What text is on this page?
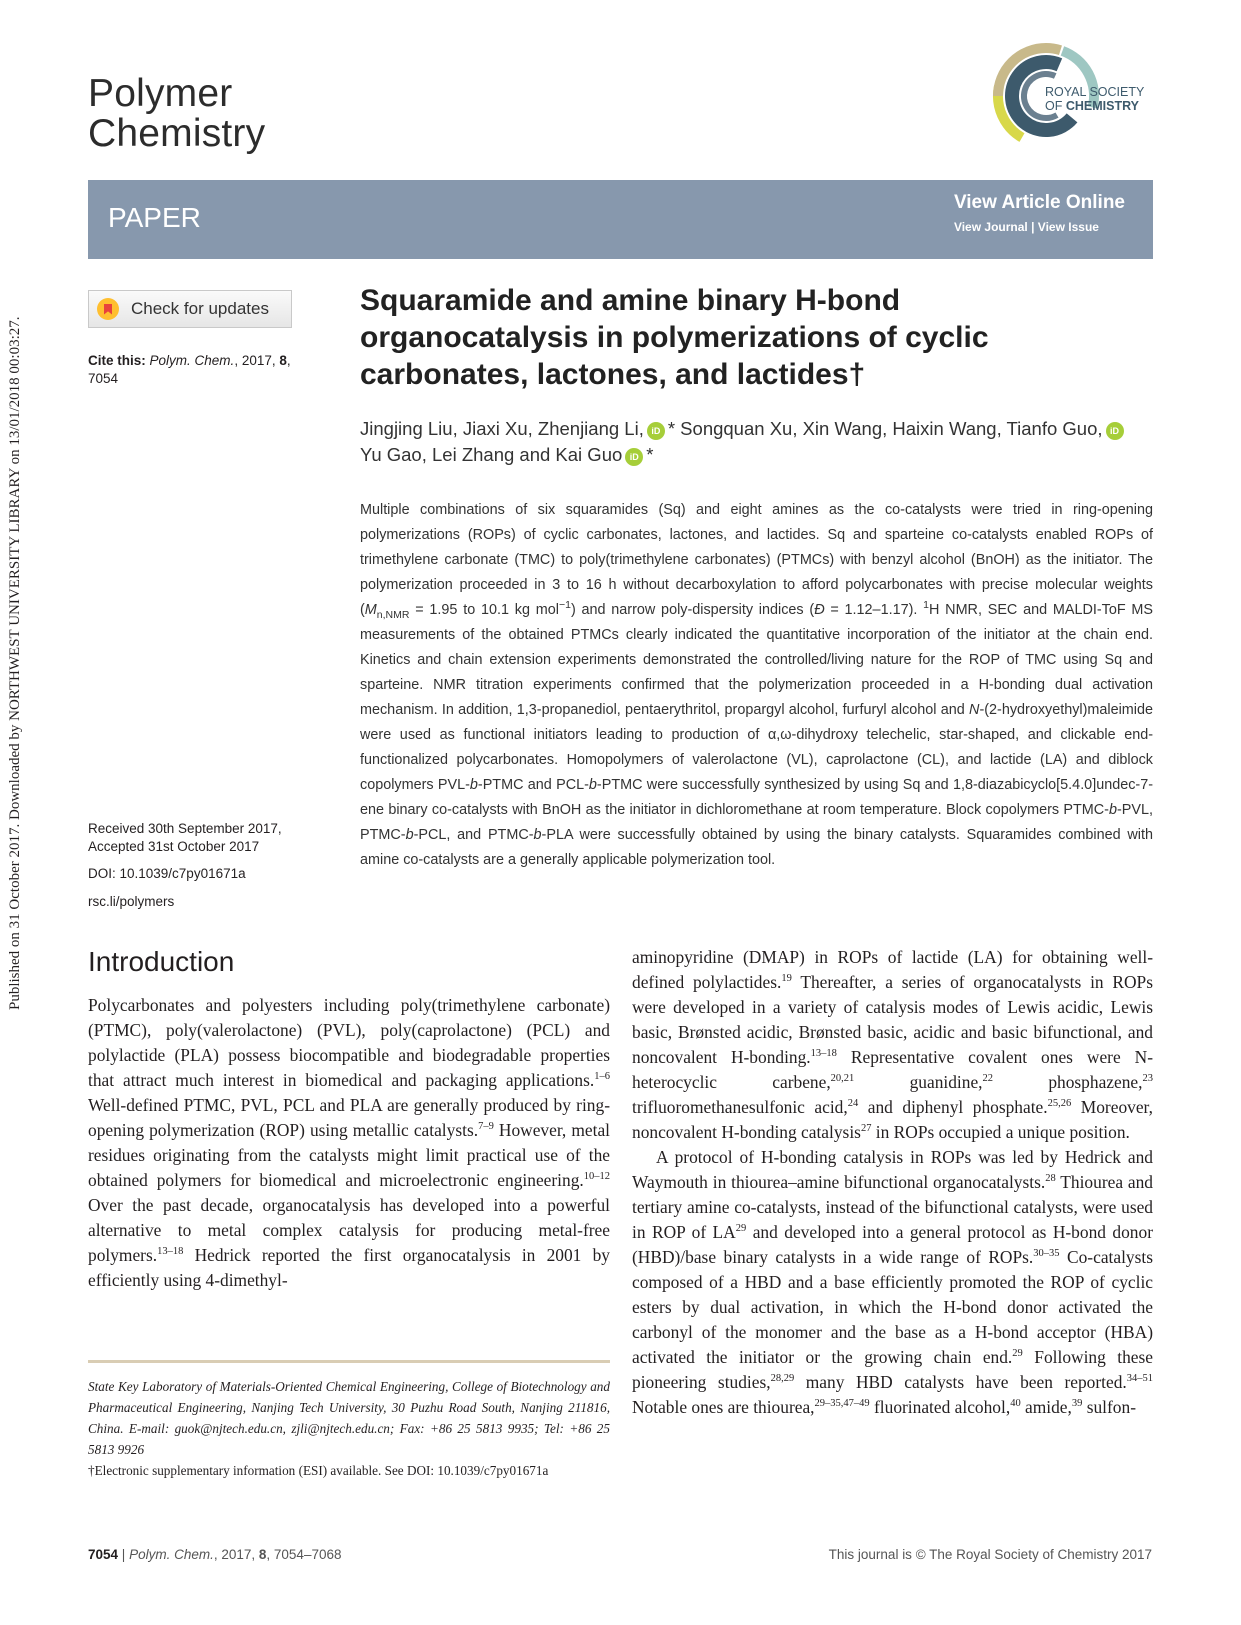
Published on 31 October 2017. Downloaded by NORTHWEST UNIVERSITY LIBRARY on 13/01/2018 00:03:27.
Polymer
Chemistry
ROYAL SOCIETY
OF CHEMISTRY
PAPER	View Article Online
View Journal | View Issue
Check for updates
Cite this: Polym. Chem., 2017, 8,
7054
Squaramide and amine binary H-bond organocatalysis in polymerizations of cyclic carbonates, lactones, and lactides†
Jingjing Liu, Jiaxi Xu, Zhenjiang Li, iD * Songquan Xu, Xin Wang, Haixin Wang, Tianfo Guo, iD Yu Gao, Lei Zhang and Kai Guo iD *
Multiple combinations of six squaramides (Sq) and eight amines as the co-catalysts were tried in ring-opening polymerizations (ROPs) of cyclic carbonates, lactones, and lactides. Sq and sparteine co-catalysts enabled ROPs of trimethylene carbonate (TMC) to poly(trimethylene carbonates) (PTMCs) with benzyl alcohol (BnOH) as the initiator. The polymerization proceeded in 3 to 16 h without decarboxylation to afford polycarbonates with precise molecular weights ($M_{n,NMR} = 1.95$ to 10.1 kg mol$^{-1}$) and narrow poly-dispersity indices (Đ = 1.12–1.17). $^1$H NMR, SEC and MALDI-ToF MS measurements of the obtained PTMCs clearly indicated the quantitative incorporation of the initiator at the chain end. Kinetics and chain extension experiments demonstrated the controlled/living nature for the ROP of TMC using Sq and sparteine. NMR titration experiments confirmed that the polymerization proceeded in a H-bonding dual activation mechanism. In addition, 1,3-propanediol, pentaerythritol, propargyl alcohol, furfuryl alcohol and N-(2-hydroxyethyl)maleimide were used as functional initiators leading to production of α,ω-dihydroxy telechelic, star-shaped, and clickable end-functionalized polycarbonates. Homopolymers of valerolactone (VL), caprolactone (CL), and lactide (LA) and diblock copolymers PVL-b-PTMC and PCL-b-PTMC were successfully synthesized by using Sq and 1,8-diazabicyclo[5.4.0]undec-7-ene binary co-catalysts with BnOH as the initiator in dichloromethane at room temperature. Block copolymers PTMC-b-PVL, PTMC-b-PCL, and PTMC-b-PLA were successfully obtained by using the binary catalysts. Squaramides combined with amine co-catalysts are a generally applicable polymerization tool.
Received 30th September 2017,
Accepted 31st October 2017
DOI: 10.1039/c7py01671a
rsc.li/polymers
Introduction

Polycarbonates and polyesters including poly(trimethylene carbonate) (PTMC), poly(valerolactone) (PVL), poly(caprolactone) (PCL) and polylactide (PLA) possess biocompatible and biodegradable properties that attract much interest in biomedical and packaging applications.$^{1-6}$ Well-defined PTMC, PVL, PCL and PLA are generally produced by ring-opening polymerization (ROP) using metallic catalysts.$^{7-9}$ However, metal residues originating from the catalysts might limit practical use of the obtained polymers for biomedical and microelectronic engineering.$^{10-12}$ Over the past decade, organocatalysis has developed into a powerful alternative to metal complex catalysis for producing metal-free polymers.$^{13-18}$ Hedrick reported the first organocatalysis in 2001 by efficiently using 4-dimethyl-

aminopyridine (DMAP) in ROPs of lactide (LA) for obtaining well-defined polylactides.$^{19}$ Thereafter, a series of organocatalysts in ROPs were developed in a variety of catalysis modes of Lewis acidic, Lewis basic, Brønsted acidic, Brønsted basic, acidic and basic bifunctional, and noncovalent H-bonding.$^{13-18}$ Representative covalent ones were N-heterocyclic carbene,$^{20,21}$ guanidine,$^{22}$ phosphazene,$^{23}$ trifluoromethanesulfonic acid,$^{24}$ and diphenyl phosphate.$^{25,26}$ Moreover, noncovalent H-bonding catalysis$^{27}$ in ROPs occupied a unique position.

A protocol of H-bonding catalysis in ROPs was led by Hedrick and Waymouth in thiourea–amine bifunctional organocatalysts.$^{28}$ Thiourea and tertiary amine co-catalysts, instead of the bifunctional catalysts, were used in ROP of LA$^{29}$ and developed into a general protocol as H-bond donor (HBD)/base binary catalysts in a wide range of ROPs.$^{30-35}$ Co-catalysts composed of a HBD and a base efficiently promoted the ROP of cyclic esters by dual activation, in which the H-bond donor activated the carbonyl of the monomer and the base as a H-bond acceptor (HBA) activated the initiator or the growing chain end.$^{29}$ Following these pioneering studies,$^{28,29}$ many HBD catalysts have been reported.$^{34-51}$ Notable ones are thiourea,$^{29-35,47-49}$ fluorinated alcohol,$^{40}$ amide,$^{39}$ sulfon-

State Key Laboratory of Materials-Oriented Chemical Engineering, College of Biotechnology and Pharmaceutical Engineering, Nanjing Tech University, 30 Puzhu Road South, Nanjing 211816, China. E-mail: guok@njtech.edu.cn, zjli@njtech.edu.cn; Fax: +86 25 5813 9935; Tel: +86 25 5813 9926
†Electronic supplementary information (ESI) available. See DOI: 10.1039/c7py01671a
7054 | Polym. Chem., 2017, 8, 7054–7068	This journal is © The Royal Society of Chemistry 2017
